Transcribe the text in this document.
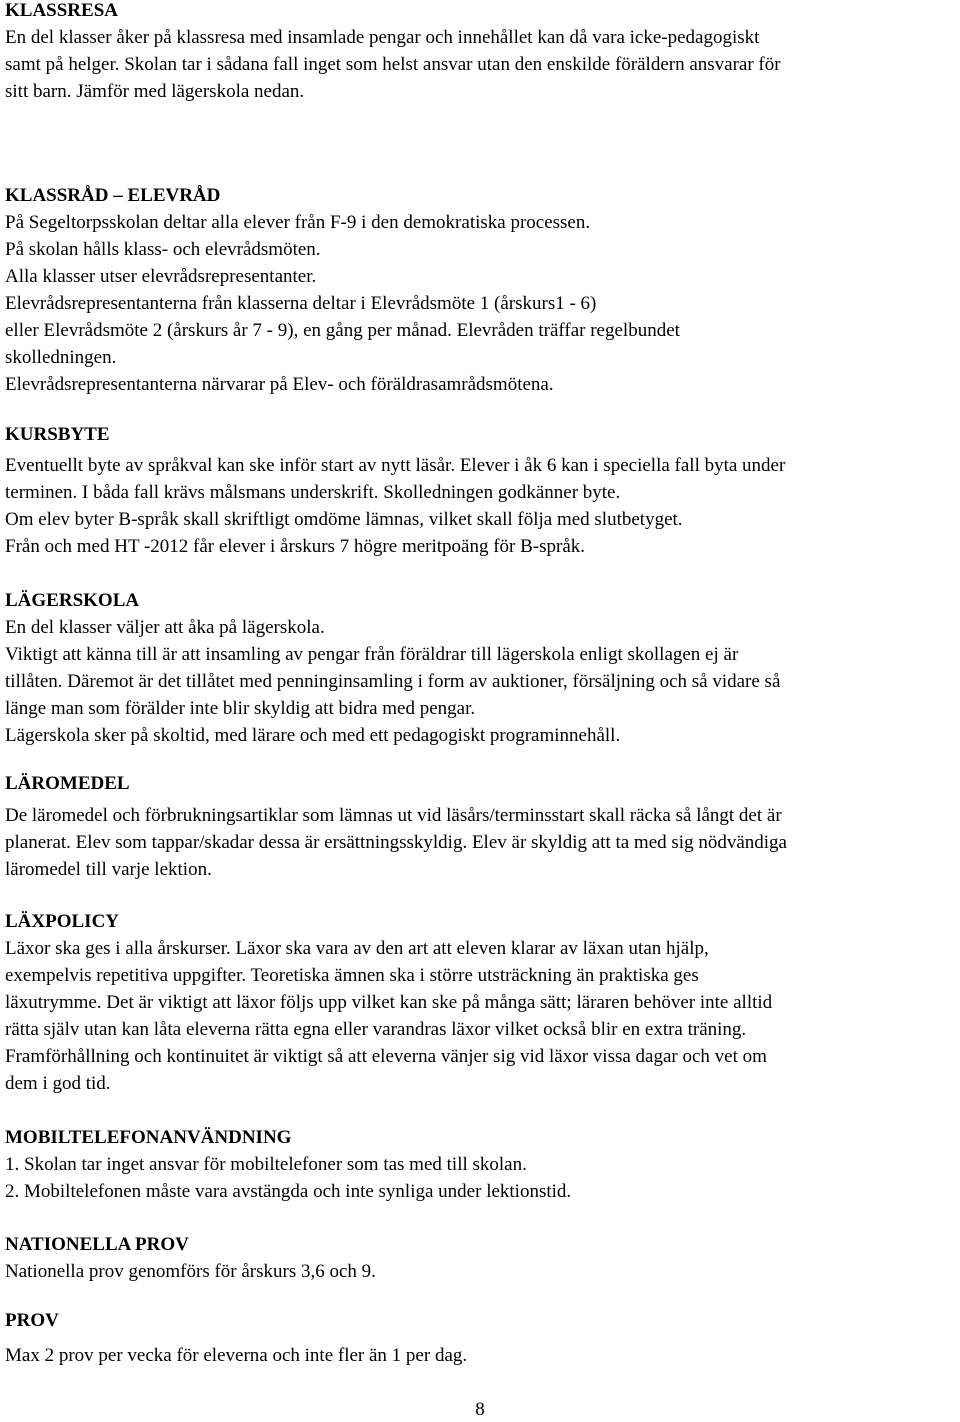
KLASSRESA

En del klasser åker på klassresa med insamlade pengar och innehållet kan då vara icke-pedagogiskt

samt på helger. Skolan tar i sådana fall inget som helst ansvar utan den enskilde föräldern ansvarar för

sitt barn. Jämför med lägerskola nedan.

KLASSRÅD – ELEVRÅD

På Segeltorpsskolan deltar alla elever från F-9 i den demokratiska processen.

På skolan hålls klass- och elevrådsmöten.

Alla klasser utser elevrådsrepresentanter.

Elevrådsrepresentanterna från klasserna deltar i Elevrådsmöte 1 (årskurs1 - 6)

eller Elevrådsmöte 2 (årskurs år 7 - 9), en gång per månad. Elevråden träffar regelbundet

skolledningen.

Elevrådsrepresentanterna närvarar på Elev- och föräldrasamrådsmötena.

KURSBYTE

Eventuellt byte av språkval kan ske inför start av nytt läsår. Elever i åk 6 kan i speciella fall byta under

terminen. I båda fall krävs målsmans underskrift. Skolledningen godkänner byte.

Om elev byter B-språk skall skriftligt omdöme lämnas, vilket skall följa med slutbetyget.

Från och med HT -2012 får elever i årskurs 7 högre meritpoäng för B-språk.

LÄGERSKOLA

En del klasser väljer att åka på lägerskola.

Viktigt att känna till är att insamling av pengar från föräldrar till lägerskola enligt skollagen ej är

tillåten. Däremot är det tillåtet med penninginsamling i form av auktioner, försäljning och så vidare så

länge man som förälder inte blir skyldig att bidra med pengar.

Lägerskola sker på skoltid, med lärare och med ett pedagogiskt programinnehåll.

LÄROMEDEL

De läromedel och förbrukningsartiklar som lämnas ut vid läsårs/terminsstart skall räcka så långt det är

planerat. Elev som tappar/skadar dessa är ersättningsskyldig. Elev är skyldig att ta med sig nödvändiga

läromedel till varje lektion.

LÄXPOLICY

Läxor ska ges i alla årskurser. Läxor ska vara av den art att eleven klarar av läxan utan hjälp,

exempelvis repetitiva uppgifter. Teoretiska ämnen ska i större utsträckning än praktiska ges

läxutrymme. Det är viktigt att läxor följs upp vilket kan ske på många sätt; läraren behöver inte alltid

rätta själv utan kan låta eleverna rätta egna eller varandras läxor vilket också blir en extra träning.

Framförhållning och kontinuitet är viktigt så att eleverna vänjer sig vid läxor vissa dagar och vet om

dem i god tid.

MOBILTELEFONANVÄNDNING

1. Skolan tar inget ansvar för mobiltelefoner som tas med till skolan.

2. Mobiltelefonen måste vara avstängda och inte synliga under lektionstid.

NATIONELLA PROV

Nationella prov genomförs för årskurs 3,6 och 9.

PROV

Max 2 prov per vecka för eleverna och inte fler än 1 per dag.

8
